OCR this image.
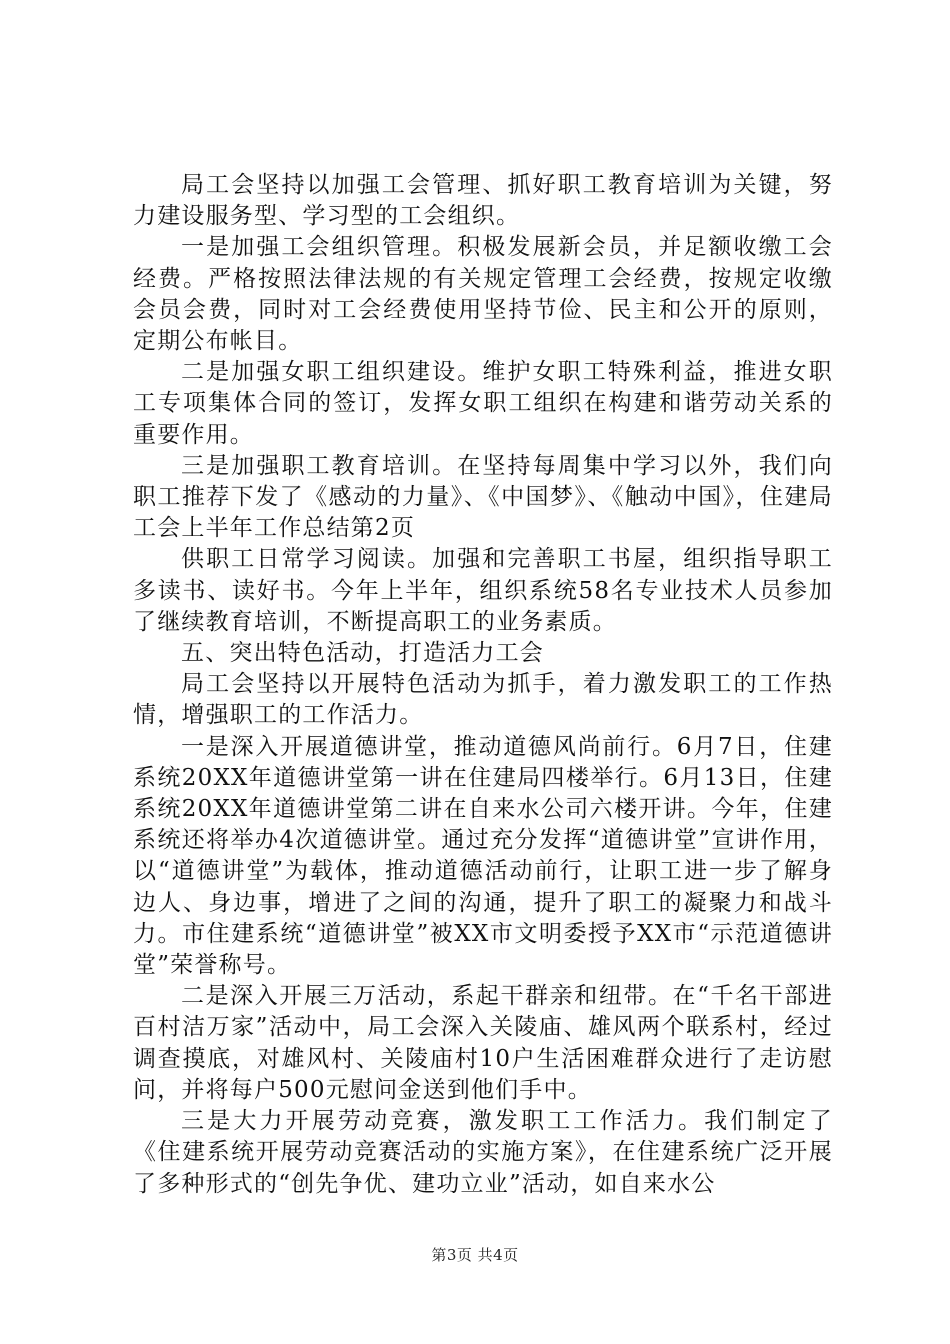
局工会坚持以加强工会管理、抓好职工教育培训为关键，努力建设服务型、学习型的工会组织。

一是加强工会组织管理。积极发展新会员，并足额收缴工会经费。严格按照法律法规的有关规定管理工会经费，按规定收缴会员会费，同时对工会经费使用坚持节俭、民主和公开的原则，定期公布帐目。

二是加强女职工组织建设。维护女职工特殊利益，推进女职工专项集体合同的签订，发挥女职工组织在构建和谐劳动关系的重要作用。

三是加强职工教育培训。在坚持每周集中学习以外，我们向职工推荐下发了《感动的力量》、《中国梦》、《触动中国》，住建局工会上半年工作总结第2页

供职工日常学习阅读。加强和完善职工书屋，组织指导职工多读书、读好书。今年上半年，组织系统58名专业技术人员参加了继续教育培训，不断提高职工的业务素质。

五、突出特色活动，打造活力工会

局工会坚持以开展特色活动为抓手，着力激发职工的工作热情，增强职工的工作活力。

一是深入开展道德讲堂，推动道德风尚前行。6月7日，住建系统20XX年道德讲堂第一讲在住建局四楼举行。6月13日，住建系统20XX年道德讲堂第二讲在自来水公司六楼开讲。今年，住建系统还将举办4次道德讲堂。通过充分发挥“道德讲堂”宣讲作用，以“道德讲堂”为载体，推动道德活动前行，让职工进一步了解身边人、身边事，增进了之间的沟通，提升了职工的凝聚力和战斗力。市住建系统“道德讲堂”被XX市文明委授予XX市“示范道德讲堂”荣誉称号。

二是深入开展三万活动，系起干群亲和纽带。在“千名干部进百村洁万家”活动中，局工会深入关陵庙、雄风两个联系村，经过调查摸底，对雄风村、关陵庙村10户生活困难群众进行了走访慰问，并将每户500元慰问金送到他们手中。

三是大力开展劳动竞赛，激发职工工作活力。我们制定了《住建系统开展劳动竞赛活动的实施方案》，在住建系统广泛开展了多种形式的“创先争优、建功立业”活动，如自来水公

第3页 共4页
